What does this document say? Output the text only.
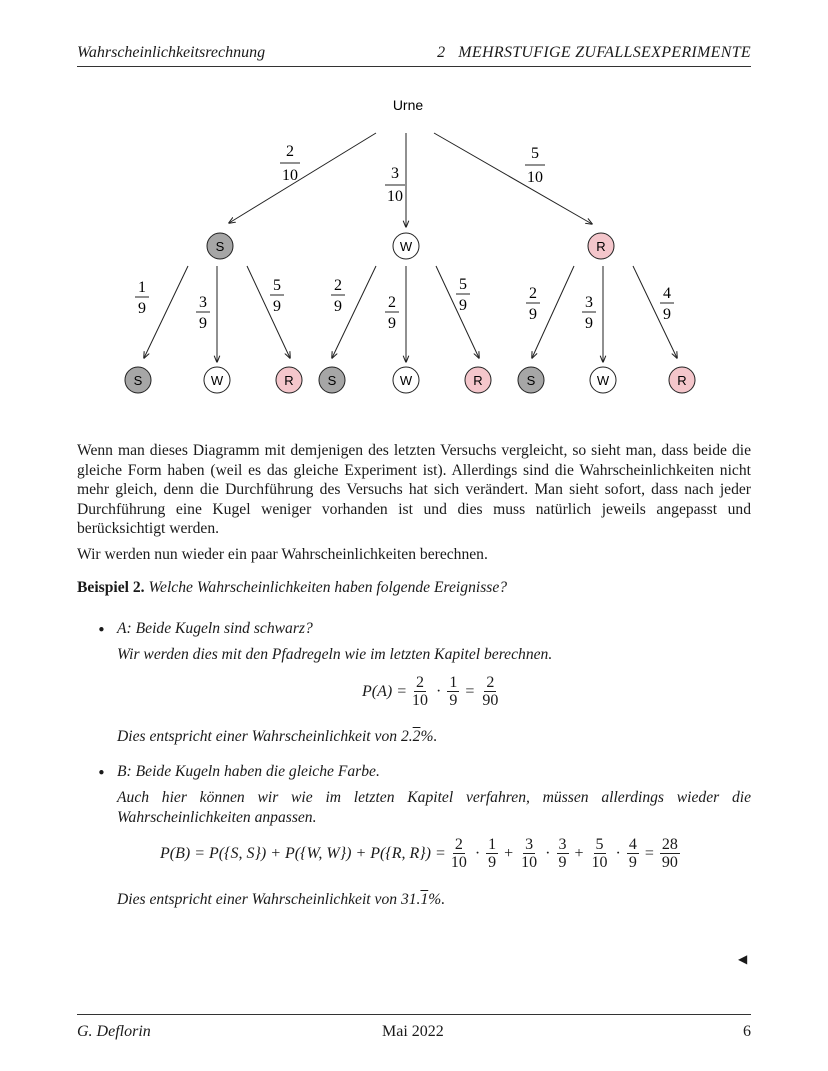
Wahrscheinlichkeitsrechnung	2   MEHRSTUFIGE ZUFALLSEXPERIMENTE
Urne
2
10	3
10
5
10
S	W	R
1
9	3
9
5
9
2
9	2
9
5
9
2
9
3
9
4
9
S	W	R	S	W	R	S	W	R
Wenn man dieses Diagramm mit demjenigen des letzten Versuchs vergleicht, so sieht man, dass beide die gleiche Form haben (weil es das gleiche Experiment ist). Allerdings sind die Wahrscheinlichkeiten nicht mehr gleich, denn die Durchführung des Versuchs hat sich verändert. Man sieht sofort, dass nach jeder Durchführung eine Kugel weniger vorhanden ist und dies muss natürlich jeweils angepasst und berücksichtigt werden.
Wir werden nun wieder ein paar Wahrscheinlichkeiten berechnen.
Beispiel 2. Welche Wahrscheinlichkeiten haben folgende Ereignisse?
• A: Beide Kugeln sind schwarz?
Wir werden dies mit den Pfadregeln wie im letzten Kapitel berechnen.
$P(A) = \frac{2}{10} \cdot \frac{1}{9} = \frac{2}{90}$
Dies entspricht einer Wahrscheinlichkeit von 2.2%.
• B: Beide Kugeln haben die gleiche Farbe.
Auch hier können wir wie im letzten Kapitel verfahren, müssen allerdings wieder die Wahrscheinlichkeiten anpassen.
P(B) = P({S, S}) + P({W, W}) + P({R, $R\}) = \frac{2}{10} \cdot \frac{1}{9} + \frac{3}{10} \cdot \frac{3}{9} + \frac{5}{10} \cdot \frac{4}{9} = \frac{28}{90}$
Dies entspricht einer Wahrscheinlichkeit von 31.1%.
◀
G. Deflorin	Mai 2022	6
